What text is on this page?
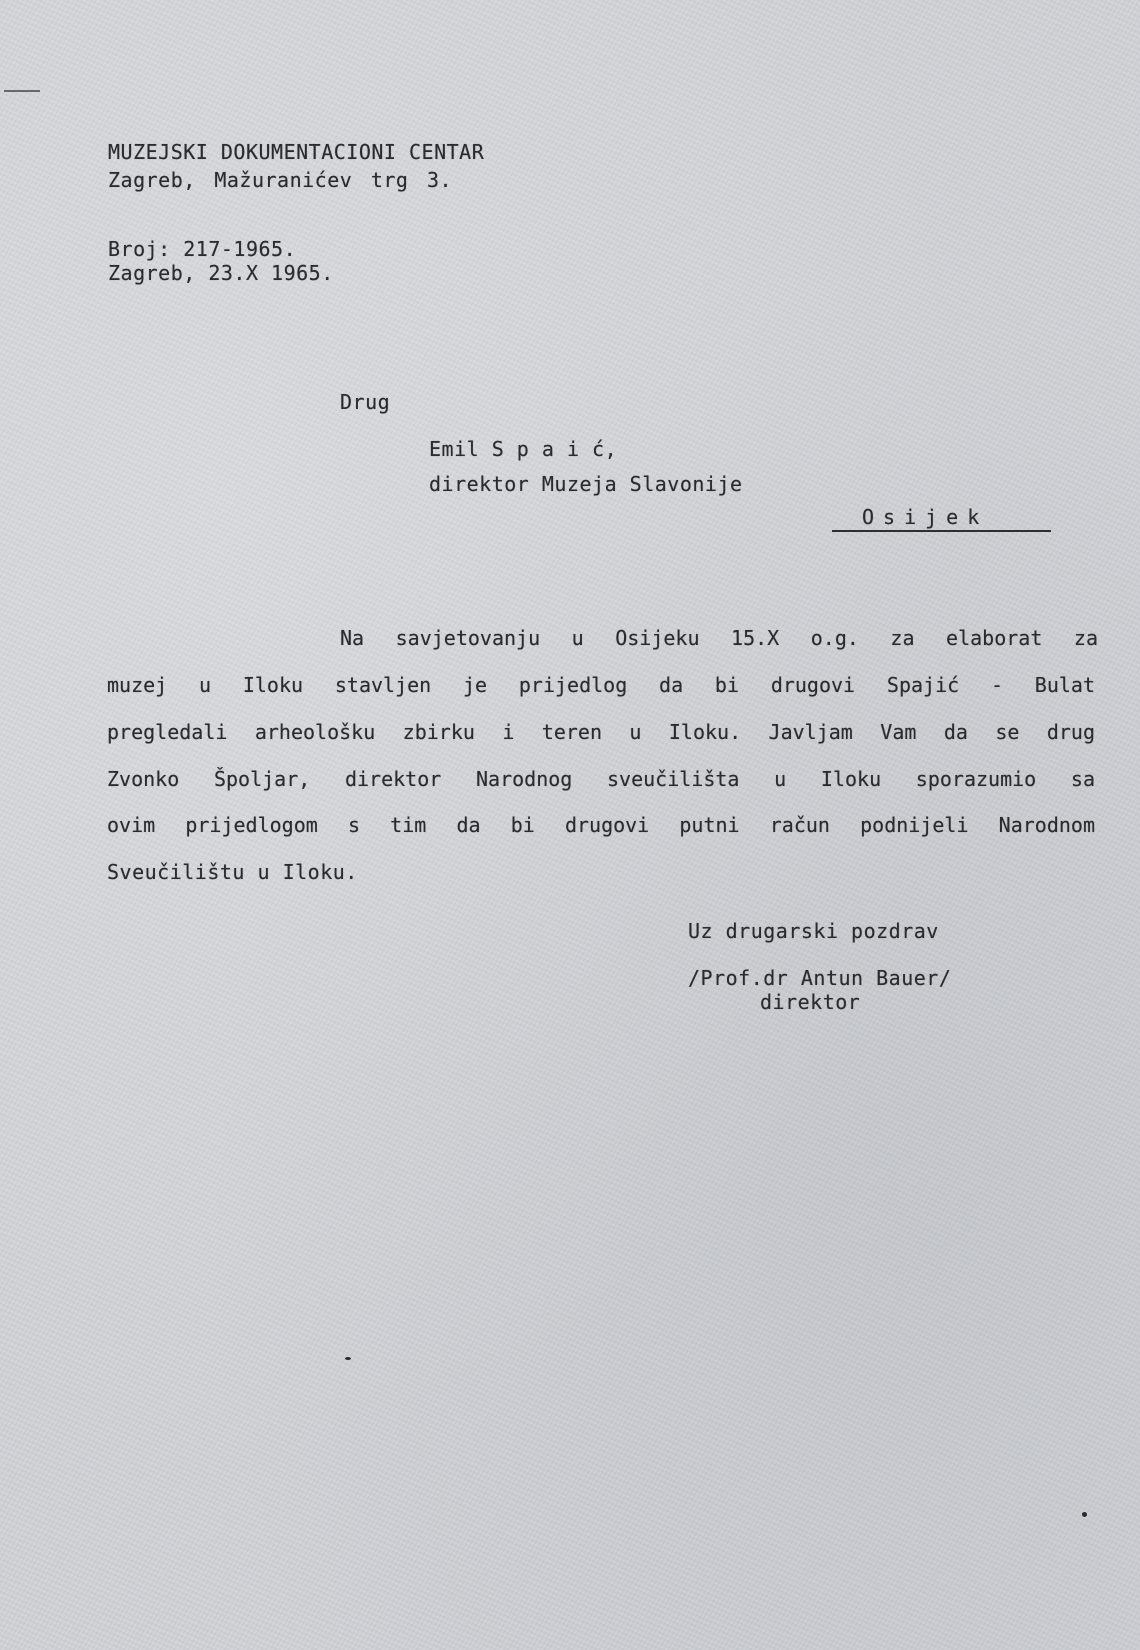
MUZEJSKI DOKUMENTACIONI CENTAR
Zagreb, Mažuranićev trg 3.
Broj: 217-1965.
Zagreb, 23.X 1965.
Drug
Emil S p a i ć,
direktor Muzeja Slavonije
Osijek
Na savjetovanju u Osijeku 15.X o.g. za elaborat za
muzej u Iloku stavljen je prijedlog da bi drugovi Spajić - Bulat
pregledali arheološku zbirku i teren u Iloku. Javljam Vam da se drug
Zvonko Špoljar, direktor Narodnog sveučilišta u Iloku sporazumio sa
ovim prijedlogom s tim da bi drugovi putni račun podnijeli Narodnom
Sveučilištu u Iloku.
Uz drugarski pozdrav
/Prof.dr Antun Bauer/
direktor
